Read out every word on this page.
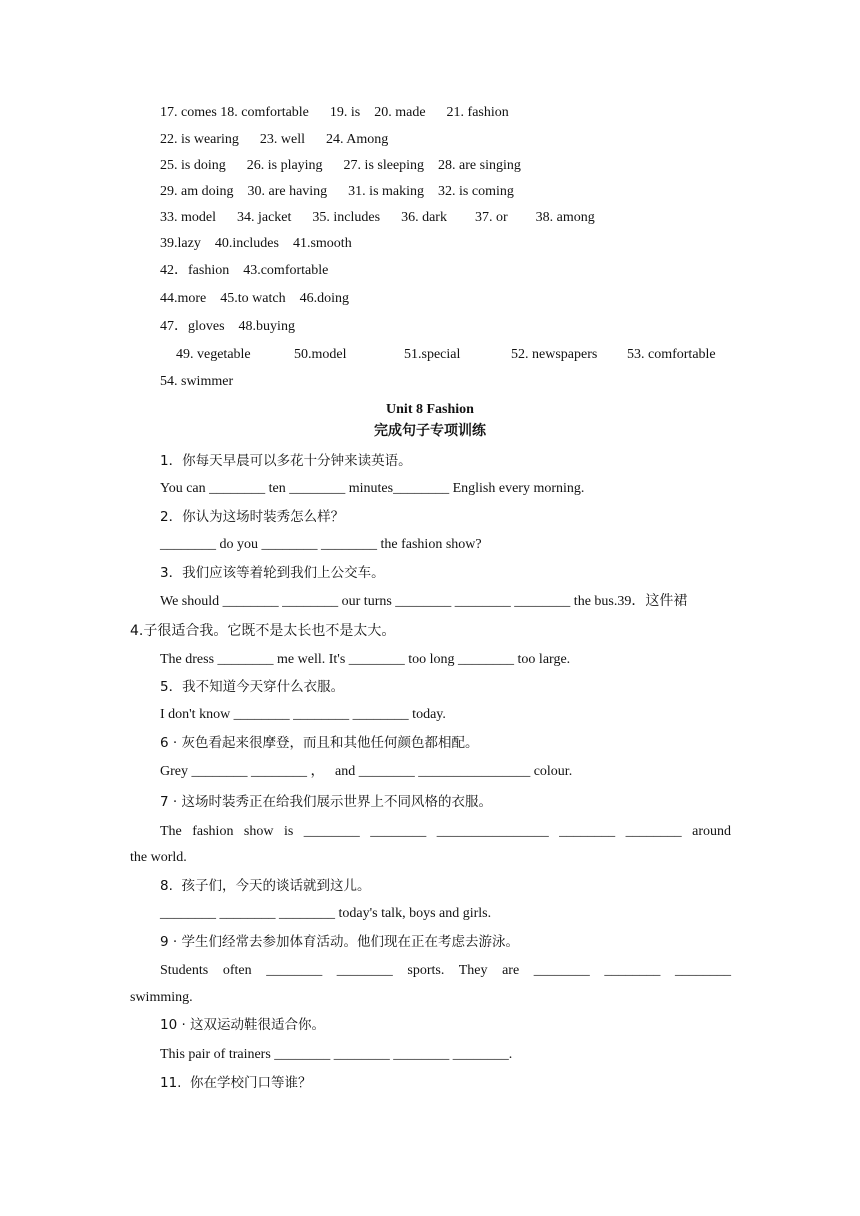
17. comes 18. comfortable      19. is    20. made      21. fashion

22. is wearing      23. well      24. Among

25. is doing      26. is playing      27. is sleeping    28. are singing

29. am doing    30. are having      31. is making    32. is coming

33. model      34. jacket      35. includes      36. dark        37. or        38. among

39.lazy    40.includes    41.smooth

42．fashion    43.comfortable

44.more    45.to watch    46.doing

47．gloves    48.buying

49. vegetable	50.model	51.special	52. newspapers 53. comfortable

54. swimmer

Unit 8 Fashion

完成句子专项训练

1．你每天早晨可以多花十分钟来读英语。

You can ________ ten ________ minutes________ English every morning.

2．你认为这场时装秀怎么样？

________ do you ________ ________ the fashion show?

3．我们应该等着轮到我们上公交车。

We should ________ ________ our turns ________ ________ ________ the bus.39．这件裙

4.子很适合我。它既不是太长也不是太大。

The dress ________ me well. It's ________ too long ________ too large.

5．我不知道今天穿什么衣服。

I don't know ________ ________ ________ today.

6 · 灰色看起来很摩登，而且和其他任何颜色都相配。

Grey ________ ________ ，   and ________ ________________ colour.

7 · 这场时装秀正在给我们展示世界上不同风格的衣服。

The fashion show is ________ ________ ________________ ________ ________ around

the world.

8.  孩子们，今天的谈话就到这儿。

________ ________ ________ today's talk, boys and girls.

9 · 学生们经常去参加体育活动。他们现在正在考虑去游泳。

Students often ________ ________ sports. They are ________ ________ ________

swimming.

10 · 这双运动鞋很适合你。

This pair of trainers ________ ________ ________ ________.

11.  你在学校门口等谁？
